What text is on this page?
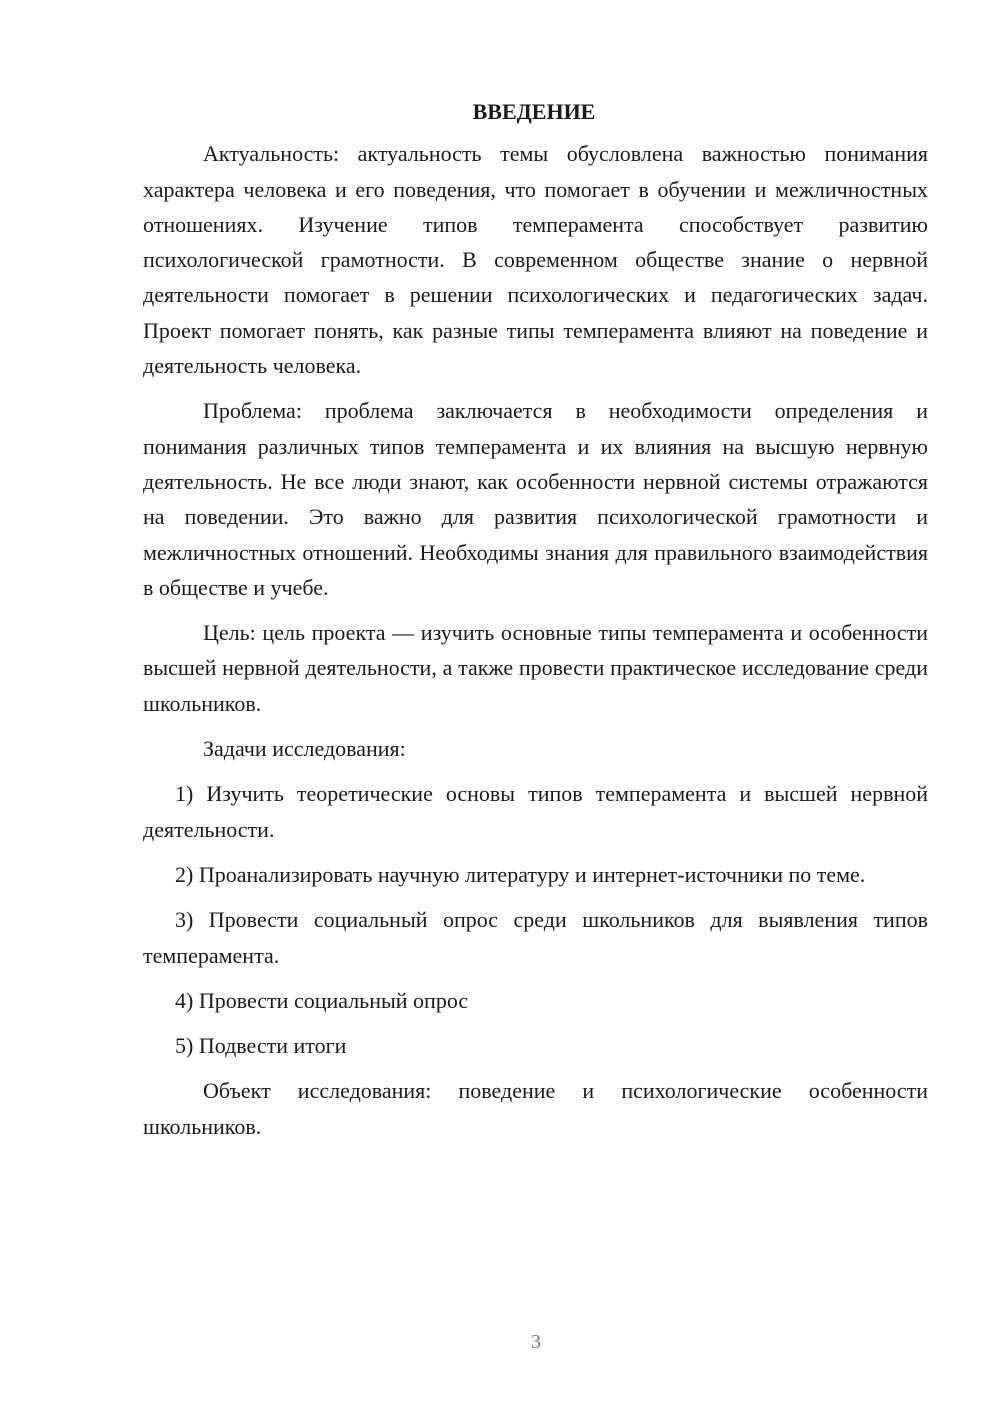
ВВЕДЕНИЕ

Актуальность: актуальность темы обусловлена важностью понимания характера человека и его поведения, что помогает в обучении и межличностных отношениях. Изучение типов темперамента способствует развитию психологической грамотности. В современном обществе знание о нервной деятельности помогает в решении психологических и педагогических задач. Проект помогает понять, как разные типы темперамента влияют на поведение и деятельность человека.

Проблема: проблема заключается в необходимости определения и понимания различных типов темперамента и их влияния на высшую нервную деятельность. Не все люди знают, как особенности нервной системы отражаются на поведении. Это важно для развития психологической грамотности и межличностных отношений. Необходимы знания для правильного взаимодействия в обществе и учебе.

Цель: цель проекта — изучить основные типы темперамента и особенности высшей нервной деятельности, а также провести практическое исследование среди школьников.

Задачи исследования:

1) Изучить теоретические основы типов темперамента и высшей нервной деятельности.

2) Проанализировать научную литературу и интернет-источники по теме.

3) Провести социальный опрос среди школьников для выявления типов темперамента.

4) Провести социальный опрос

5) Подвести итоги

Объект исследования: поведение и психологические особенности школьников.

3
